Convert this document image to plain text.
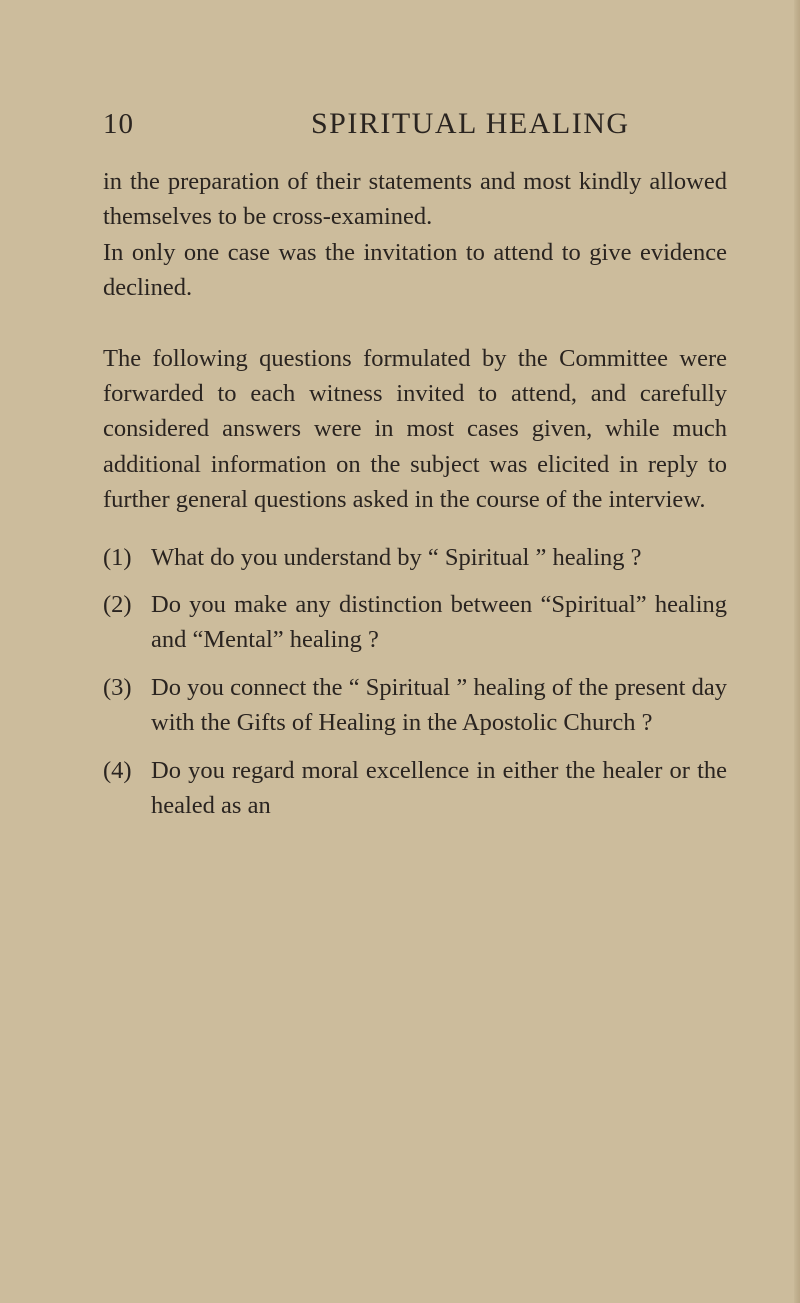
10	SPIRITUAL HEALING

in the preparation of their statements and most kindly allowed themselves to be cross-examined.

In only one case was the invitation to attend to give evidence declined.

The following questions formulated by the Committee were forwarded to each witness invited to attend, and carefully considered answers were in most cases given, while much additional information on the subject was elicited in reply to further general questions asked in the course of the interview.

(1) What do you understand by “ Spiritual ” healing ?
(2) Do you make any distinction between “Spiritual” healing and “Mental” healing ?
(3) Do you connect the “ Spiritual ” healing of the present day with the Gifts of Healing in the Apostolic Church ?
(4) Do you regard moral excellence in either the healer or the healed as an
